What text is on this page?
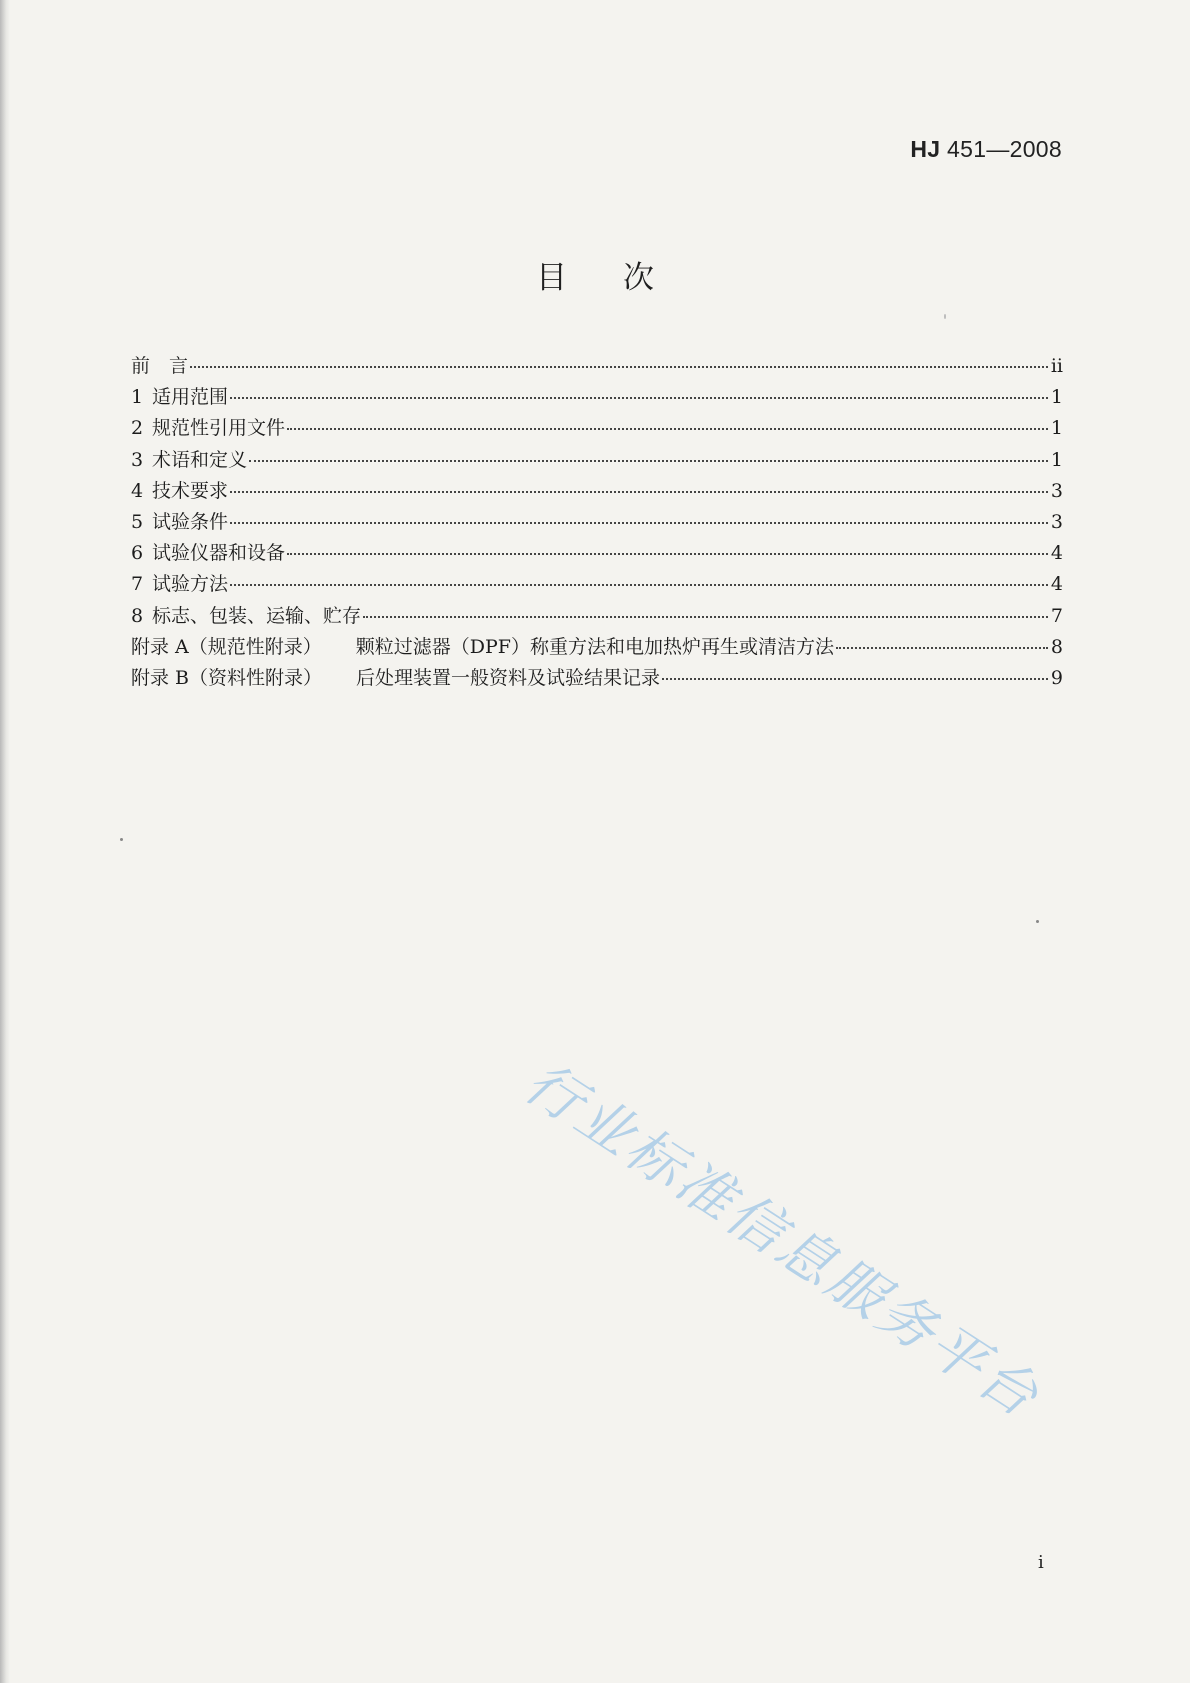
HJ 451—2008
目次
前　言	ii
1 适用范围	1
2 规范性引用文件	1
3 术语和定义	1
4 技术要求	3
5 试验条件	3
6 试验仪器和设备	4
7 试验方法	4
8 标志、包装、运输、贮存	7
附录 A（规范性附录） 颗粒过滤器（DPF）称重方法和电加热炉再生或清洁方法	8
附录 B（资料性附录） 后处理装置一般资料及试验结果记录	9
行业标准信息服务平台
i
